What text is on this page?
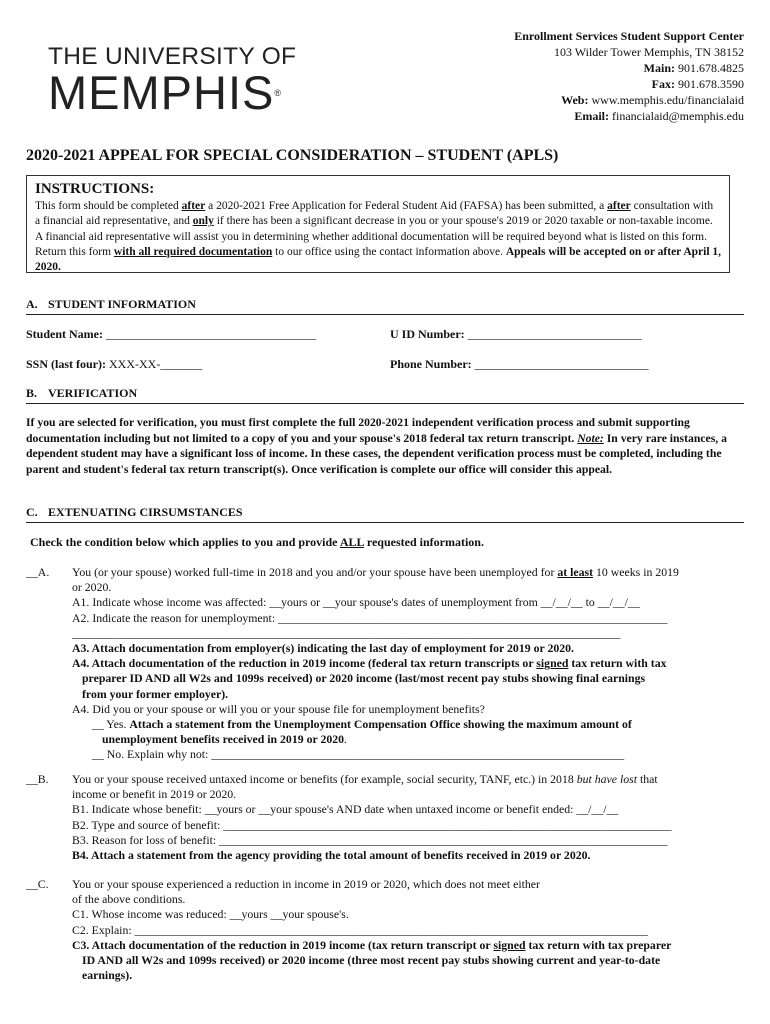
THE UNIVERSITY OF
MEMPHIS®
Enrollment Services Student Support Center
103 Wilder Tower Memphis, TN 38152
Main: 901.678.4825
Fax: 901.678.3590
Web: www.memphis.edu/financialaid
Email: financialaid@memphis.edu
2020-2021 APPEAL FOR SPECIAL CONSIDERATION – STUDENT (APLS)
INSTRUCTIONS:
This form should be completed after a 2020-2021 Free Application for Federal Student Aid (FAFSA) has been submitted, a after consultation with a financial aid representative, and only if there has been a significant decrease in you or your spouse's 2019 or 2020 taxable or non-taxable income. A financial aid representative will assist you in determining whether additional documentation will be required beyond what is listed on this form. Return this form with all required documentation to our office using the contact information above. Appeals will be accepted on or after April 1, 2020.
A. STUDENT INFORMATION
Student Name: ___________________________________	U ID Number: _____________________________
SSN (last four): XXX-XX-_______	Phone Number: _____________________________
B. VERIFICATION
If you are selected for verification, you must first complete the full 2020-2021 independent verification process and submit supporting documentation including but not limited to a copy of you and your spouse's 2018 federal tax return transcript. Note: In very rare instances, a dependent student may have a significant loss of income. In these cases, the dependent verification process must be completed, including the parent and student's federal tax return transcript(s). Once verification is complete our office will consider this appeal.
C. EXTENUATING CIRSUMSTANCES
Check the condition below which applies to you and provide ALL requested information.
__A. You (or your spouse) worked full-time in 2018 and you and/or your spouse have been unemployed for at least 10 weeks in 2019
or 2020.
A1. Indicate whose income was affected: __yours or __your spouse's dates of unemployment from __/__/__ to __/__/__
A2. Indicate the reason for unemployment: __________________________________________________________________
_____________________________________________________________________________________________
A3. Attach documentation from employer(s) indicating the last day of employment for 2019 or 2020.
A4. Attach documentation of the reduction in 2019 income (federal tax return transcripts or signed tax return with tax
preparer ID AND all W2s and 1099s received) or 2020 income (last/most recent pay stubs showing final earnings
from your former employer).
A4. Did you or your spouse or will you or your spouse file for unemployment benefits?
__ Yes. Attach a statement from the Unemployment Compensation Office showing the maximum amount of
unemployment benefits received in 2019 or 2020.
__ No. Explain why not: ______________________________________________________________________
__B. You or your spouse received untaxed income or benefits (for example, social security, TANF, etc.) in 2018 but have lost that
income or benefit in 2019 or 2020.
B1. Indicate whose benefit: __yours or __your spouse's AND date when untaxed income or benefit ended: __/__/__
B2. Type and source of benefit: ____________________________________________________________________________
B3. Reason for loss of benefit: ____________________________________________________________________________
B4. Attach a statement from the agency providing the total amount of benefits received in 2019 or 2020.
__C. You or your spouse experienced a reduction in income in 2019 or 2020, which does not meet either
of the above conditions.
C1. Whose income was reduced: __yours __your spouse's.
C2. Explain: _______________________________________________________________________________________
C3. Attach documentation of the reduction in 2019 income (tax return transcript or signed tax return with tax preparer
ID AND all W2s and 1099s received) or 2020 income (three most recent pay stubs showing current and year-to-date
earnings).
